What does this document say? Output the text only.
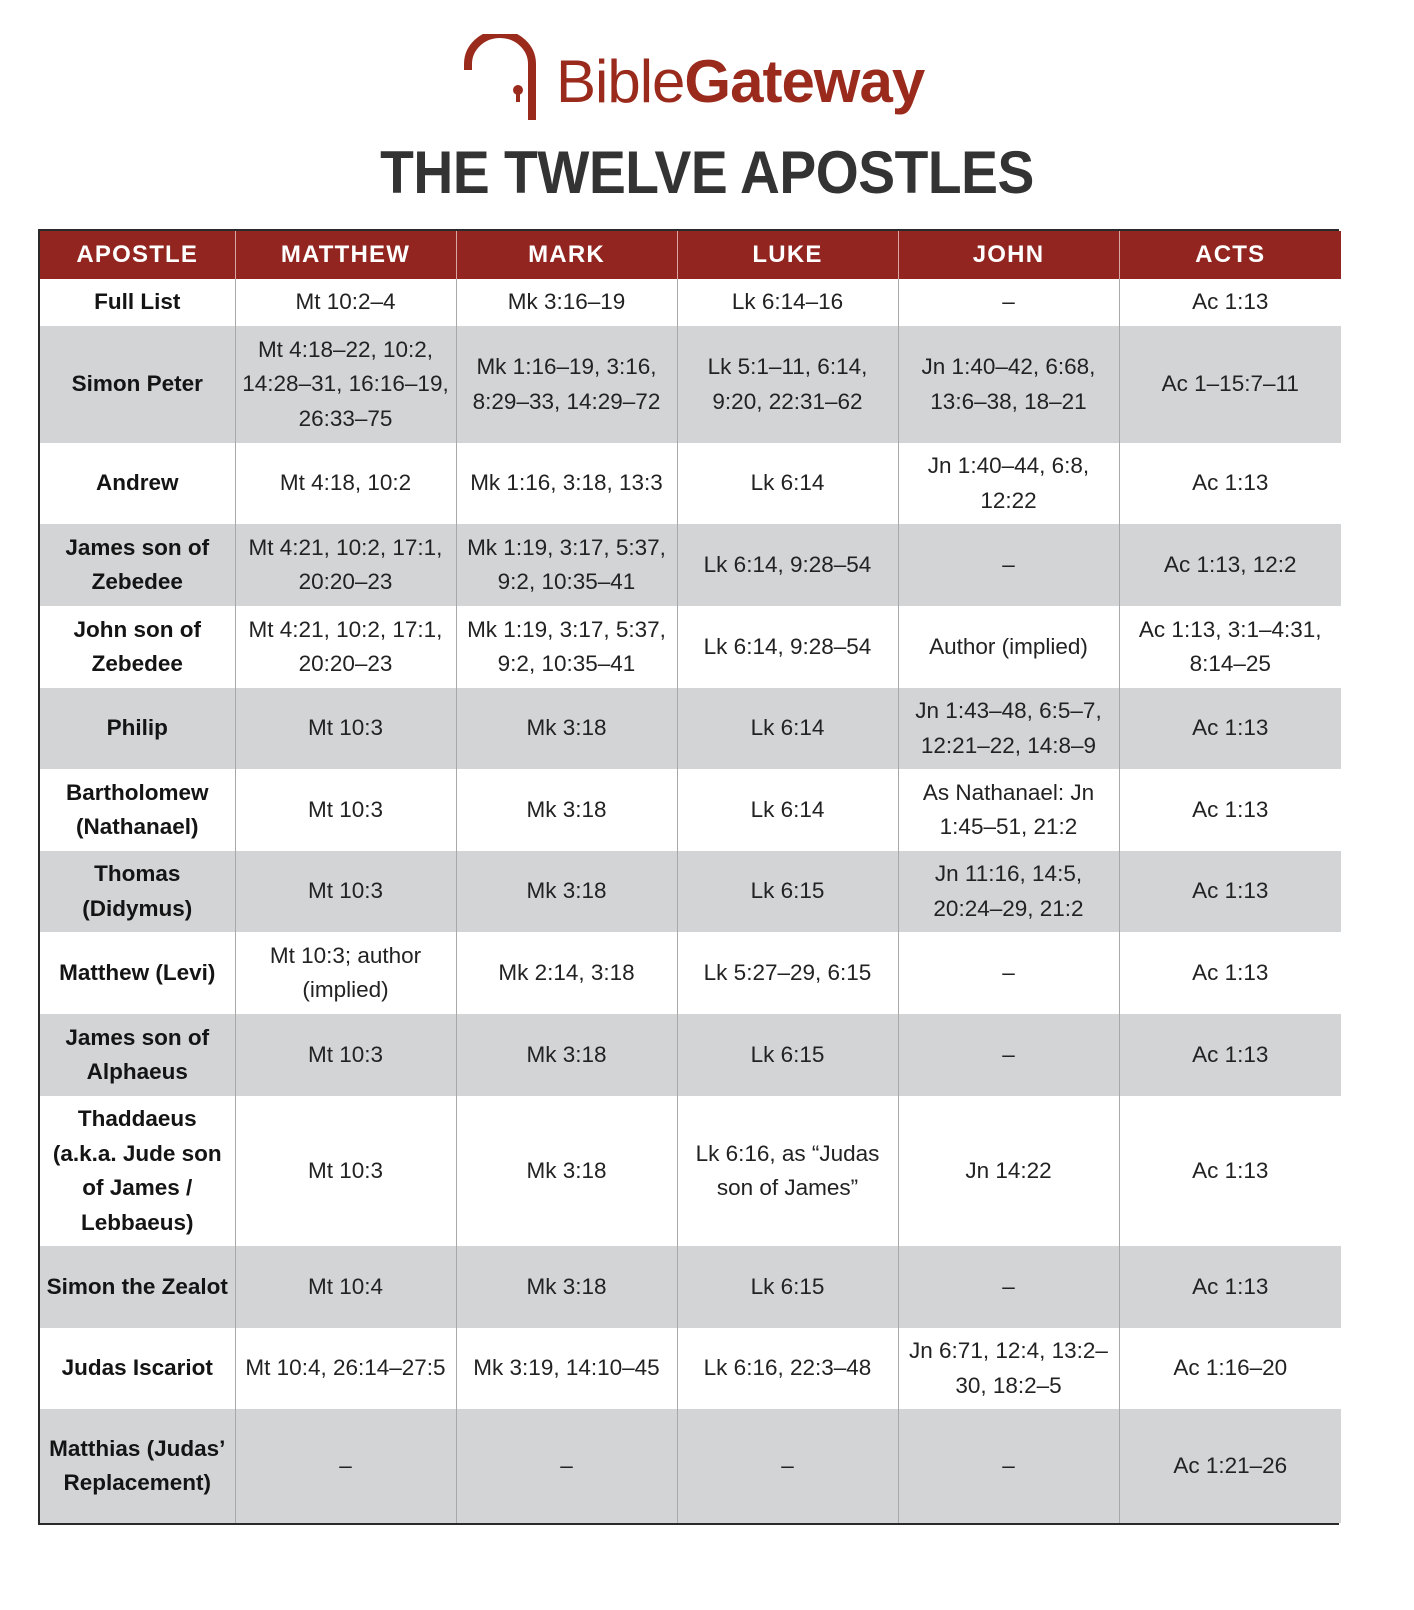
BibleGateway
THE TWELVE APOSTLES
APOSTLE	MATTHEW	MARK	LUKE	JOHN	ACTS
Full List	Mt 10:2–4	Mk 3:16–19	Lk 6:14–16	–	Ac 1:13
Simon Peter	Mt 4:18–22, 10:2, 14:28–31, 16:16–19, 26:33–75	Mk 1:16–19, 3:16, 8:29–33, 14:29–72	Lk 5:1–11, 6:14, 9:20, 22:31–62	Jn 1:40–42, 6:68, 13:6–38, 18–21	Ac 1–15:7–11
Andrew	Mt 4:18, 10:2	Mk 1:16, 3:18, 13:3	Lk 6:14	Jn 1:40–44, 6:8, 12:22	Ac 1:13
James son of Zebedee	Mt 4:21, 10:2, 17:1, 20:20–23	Mk 1:19, 3:17, 5:37, 9:2, 10:35–41	Lk 6:14, 9:28–54	–	Ac 1:13, 12:2
John son of Zebedee	Mt 4:21, 10:2, 17:1, 20:20–23	Mk 1:19, 3:17, 5:37, 9:2, 10:35–41	Lk 6:14, 9:28–54	Author (implied)	Ac 1:13, 3:1–4:31, 8:14–25
Philip	Mt 10:3	Mk 3:18	Lk 6:14	Jn 1:43–48, 6:5–7, 12:21–22, 14:8–9	Ac 1:13
Bartholomew (Nathanael)	Mt 10:3	Mk 3:18	Lk 6:14	As Nathanael: Jn 1:45–51, 21:2	Ac 1:13
Thomas (Didymus)	Mt 10:3	Mk 3:18	Lk 6:15	Jn 11:16, 14:5, 20:24–29, 21:2	Ac 1:13
Matthew (Levi)	Mt 10:3; author (implied)	Mk 2:14, 3:18	Lk 5:27–29, 6:15	–	Ac 1:13
James son of Alphaeus	Mt 10:3	Mk 3:18	Lk 6:15	–	Ac 1:13
Thaddaeus (a.k.a. Jude son of James / Lebbaeus)	Mt 10:3	Mk 3:18	Lk 6:16, as “Judas son of James”	Jn 14:22	Ac 1:13
Simon the Zealot	Mt 10:4	Mk 3:18	Lk 6:15	–	Ac 1:13
Judas Iscariot	Mt 10:4, 26:14–27:5	Mk 3:19, 14:10–45	Lk 6:16, 22:3–48	Jn 6:71, 12:4, 13:2–30, 18:2–5	Ac 1:16–20
Matthias (Judas’ Replacement)	–	–	–	–	Ac 1:21–26
